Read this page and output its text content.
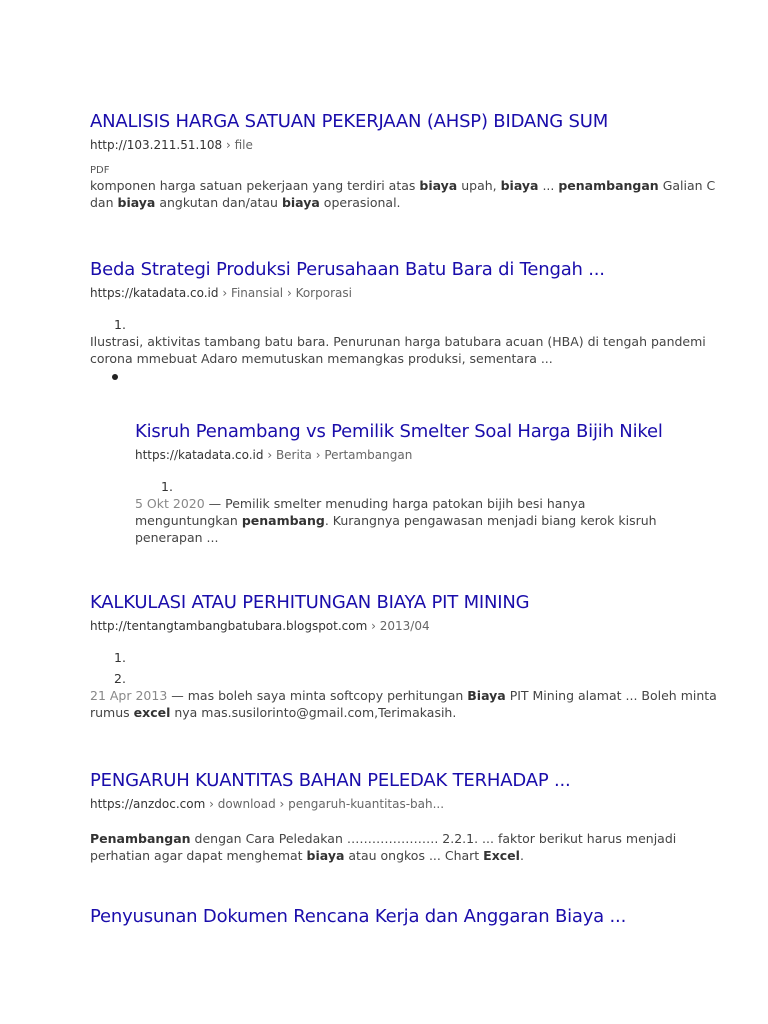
ANALISIS HARGA SATUAN PEKERJAAN (AHSP) BIDANG SUM
http://103.211.51.108 › file
PDF

komponen harga satuan pekerjaan yang terdiri atas biaya upah, biaya ... penambangan Galian C
dan biaya angkutan dan/atau biaya operasional.

Beda Strategi Produksi Perusahaan Batu Bara di Tengah ...
https://katadata.co.id › Finansial › Korporasi
1.

Ilustrasi, aktivitas tambang batu bara. Penurunan harga batubara acuan (HBA) di tengah pandemi
corona mmebuat Adaro memutuskan memangkas produksi, sementara ...

Kisruh Penambang vs Pemilik Smelter Soal Harga Bijih Nikel
https://katadata.co.id › Berita › Pertambangan
1.

5 Okt 2020 — Pemilik smelter menuding harga patokan bijih besi hanya
menguntungkan penambang. Kurangnya pengawasan menjadi biang kerok kisruh
penerapan ...

KALKULASI ATAU PERHITUNGAN BIAYA PIT MINING
http://tentangtambangbatubara.blogspot.com › 2013/04
1.
2.

21 Apr 2013 — mas boleh saya minta softcopy perhitungan Biaya PIT Mining alamat ... Boleh minta
rumus excel nya mas.susilorinto@gmail.com,Terimakasih.

PENGARUH KUANTITAS BAHAN PELEDAK TERHADAP ...
https://anzdoc.com › download › pengaruh-kuantitas-bah...

Penambangan dengan Cara Peledakan …………………. 2.2.1. ... faktor berikut harus menjadi
perhatian agar dapat menghemat biaya atau ongkos ... Chart Excel.

Penyusunan Dokumen Rencana Kerja dan Anggaran Biaya ...
